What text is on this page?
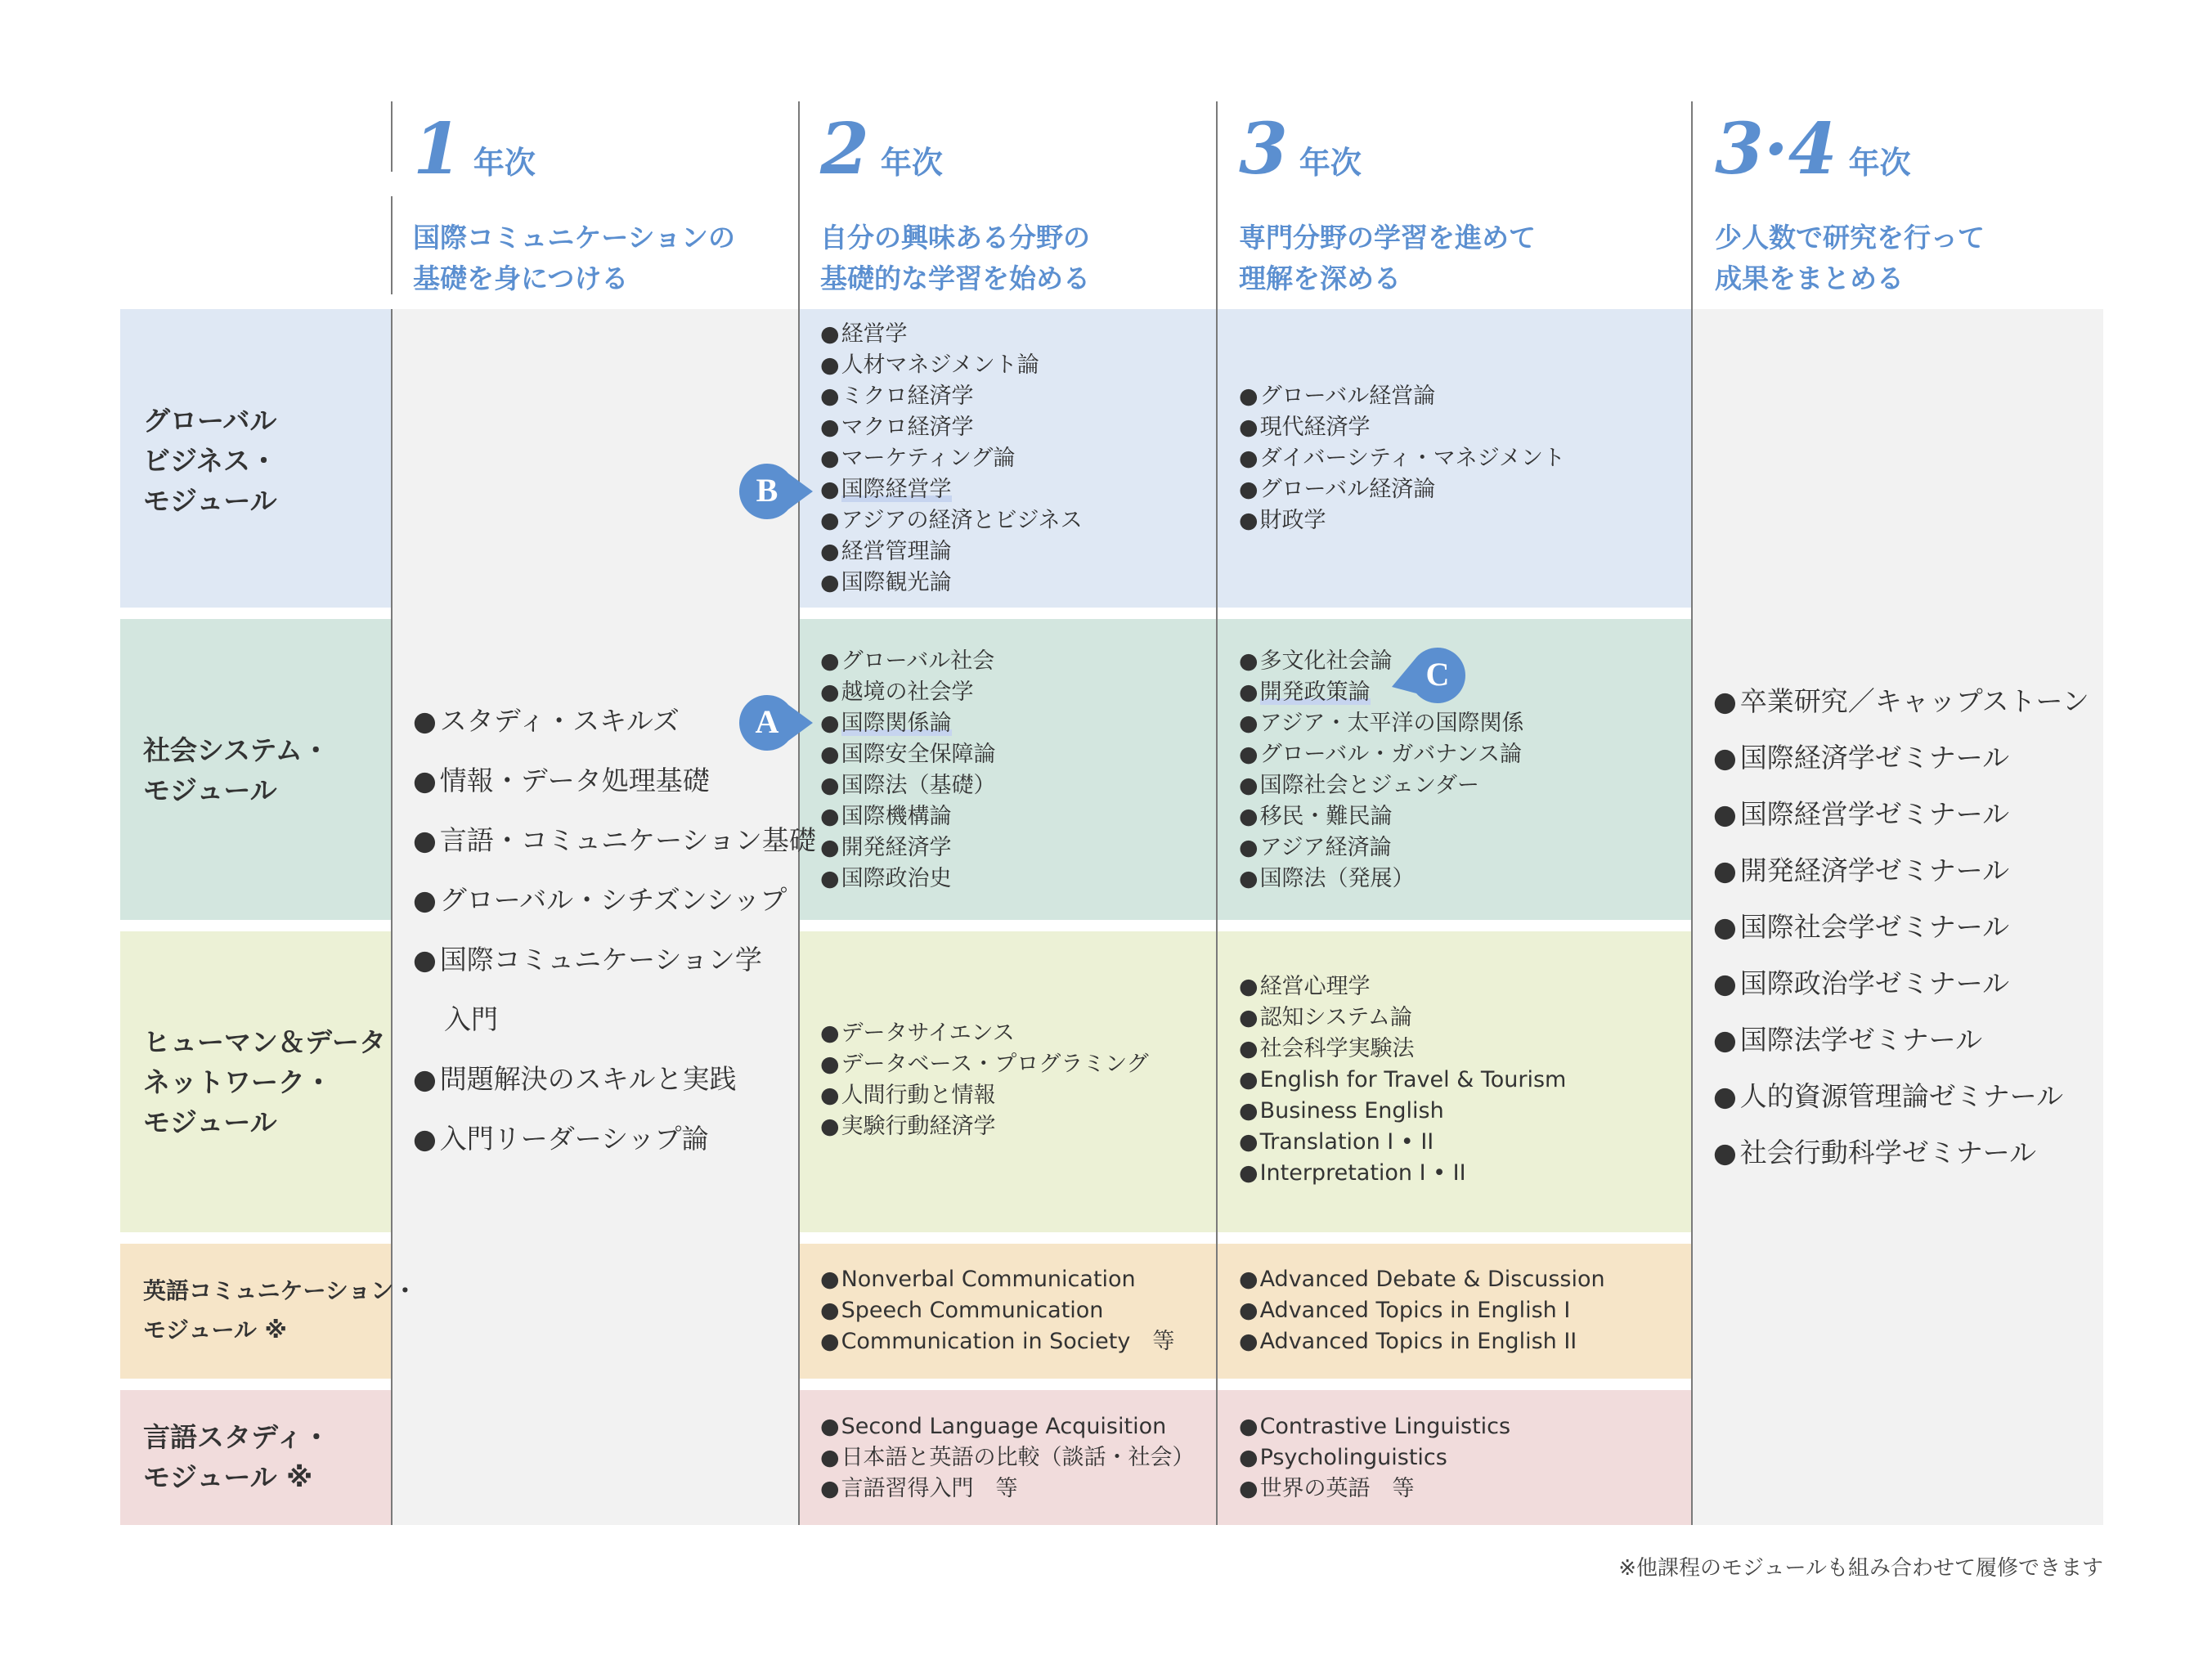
1 年次
国際コミュニケーションの
基礎を身につける
2 年次
自分の興味ある分野の
基礎的な学習を始める
3 年次
専門分野の学習を進めて
理解を深める
3·4 年次
少人数で研究を行って
成果をまとめる
グローバル
ビジネス・
モジュール
社会システム・
モジュール
ヒューマン＆データ
ネットワーク・
モジュール
英語コミュニケーション・
モジュール ※
言語スタディ・
モジュール ※
● 経営学
● 人材マネジメント論
● ミクロ経済学
● マクロ経済学
● マーケティング論
● 国際経営学
● アジアの経済とビジネス
● 経営管理論
● 国際観光論
● グローバル社会
● 越境の社会学
● 国際関係論
● 国際安全保障論
● 国際法（基礎）
● 国際機構論
● 開発経済学
● 国際政治史
● データサイエンス
● データベース・プログラミング
● 人間行動と情報
● 実験行動経済学
● Nonverbal Communication
● Speech Communication
● Communication in Society　等
● Second Language Acquisition
● 日本語と英語の比較（談話・社会）
● 言語習得入門　等
● グローバル経営論
● 現代経済学
● ダイバーシティ・マネジメント
● グローバル経済論
● 財政学
● 多文化社会論
● 開発政策論
● アジア・太平洋の国際関係
● グローバル・ガバナンス論
● 国際社会とジェンダー
● 移民・難民論
● アジア経済論
● 国際法（発展）
● 経営心理学
● 認知システム論
● 社会科学実験法
● English for Travel & Tourism
● Business English
● Translation I • II
● Interpretation I • II
● Advanced Debate & Discussion
● Advanced Topics in English I
● Advanced Topics in English II
● Contrastive Linguistics
● Psycholinguistics
● 世界の英語　等
● スタディ・スキルズ
● 情報・データ処理基礎
● 言語・コミュニケーション基礎
● グローバル・シチズンシップ
● 国際コミュニケーション学
入門
● 問題解決のスキルと実践
● 入門リーダーシップ論
● 卒業研究／キャップストーン
● 国際経済学ゼミナール
● 国際経営学ゼミナール
● 開発経済学ゼミナール
● 国際社会学ゼミナール
● 国際政治学ゼミナール
● 国際法学ゼミナール
● 人的資源管理論ゼミナール
● 社会行動科学ゼミナール
B
A
C
※他課程のモジュールも組み合わせて履修できます
